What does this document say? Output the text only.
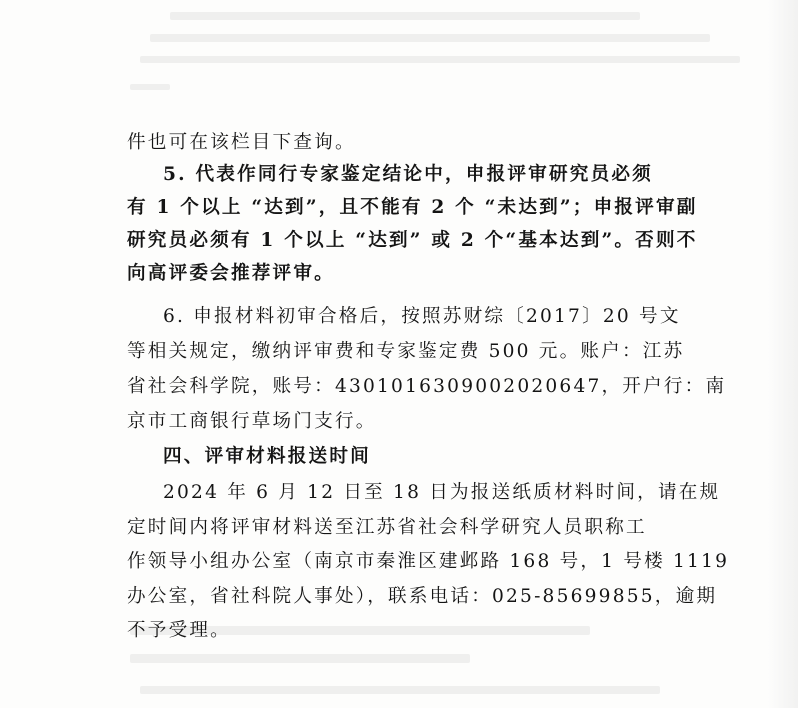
件也可在该栏目下查询。
5. 代表作同行专家鉴定结论中，申报评审研究员必须
有 1 个以上 “达到”，且不能有 2 个 “未达到”；申报评审副
研究员必须有 1 个以上 “达到” 或 2 个“基本达到”。否则不
向高评委会推荐评审。
6. 申报材料初审合格后，按照苏财综〔2017〕20 号文
等相关规定，缴纳评审费和专家鉴定费 500 元。账户：江苏
省社会科学院，账号：4301016309002020647，开户行：南
京市工商银行草场门支行。
四、评审材料报送时间
2024 年 6 月 12 日至 18 日为报送纸质材料时间，请在规
定时间内将评审材料送至江苏省社会科学研究人员职称工
作领导小组办公室（南京市秦淮区建邺路 168 号，1 号楼 1119
办公室，省社科院人事处），联系电话：025-85699855，逾期
不予受理。
